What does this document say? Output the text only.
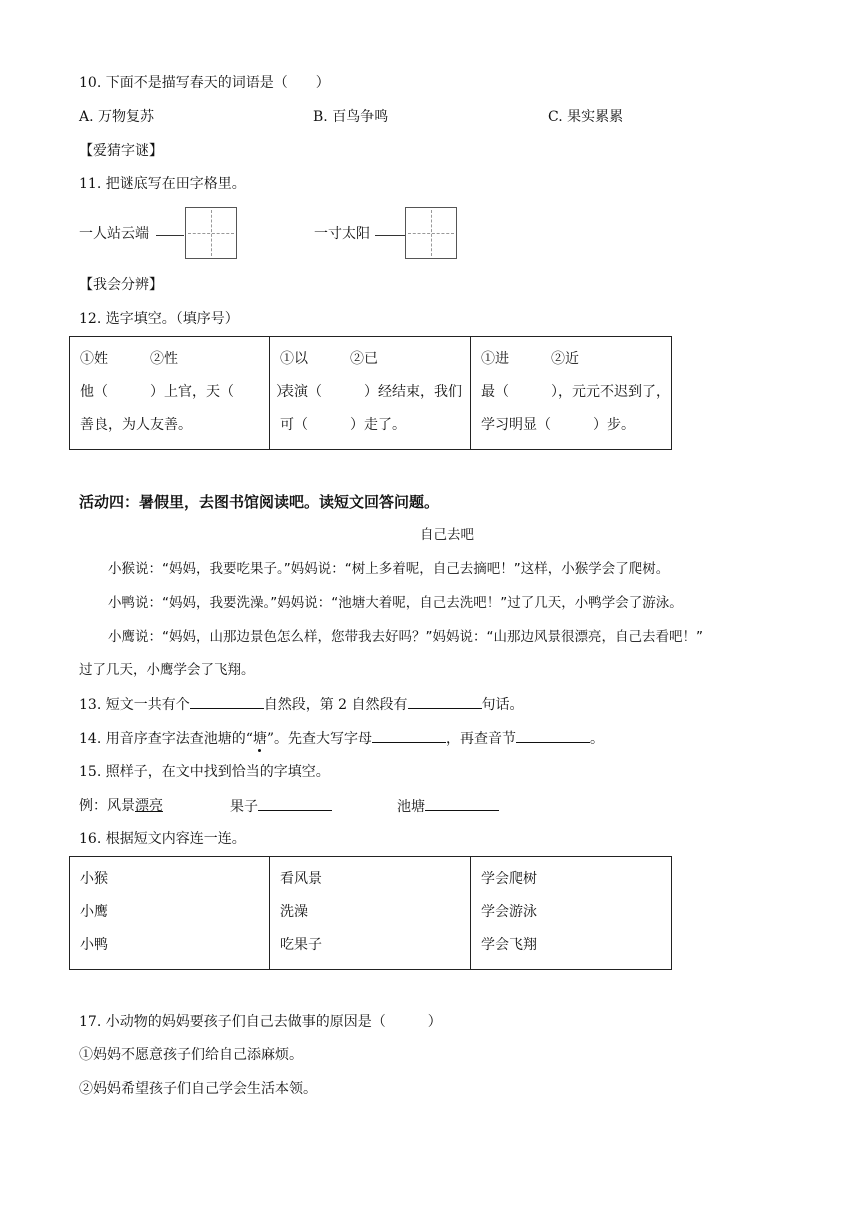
10. 下面不是描写春天的词语是（　　）
A. 万物复苏	B. 百鸟争鸣	C. 果实累累
【爱猜字谜】
11. 把谜底写在田字格里。
一人站云端	一寸太阳
【我会分辨】
12. 选字填空。（填序号）
①姓　　　②性
他（　　　）上官，天（　　　）
善良，为人友善。

①以　　　②已
表演（　　　）经结束，我们
可（　　　）走了。

①进　　　②近
最（　　　），元元不迟到了，
学习明显（　　　）步。
活动四：暑假里，去图书馆阅读吧。读短文回答问题。
自己去吧
小猴说：“妈妈，我要吃果子。”妈妈说：“树上多着呢，自己去摘吧！”这样，小猴学会了爬树。
小鸭说：“妈妈，我要洗澡。”妈妈说：“池塘大着呢，自己去洗吧！”过了几天，小鸭学会了游泳。
小鹰说：“妈妈，山那边景色怎么样，您带我去好吗？”妈妈说：“山那边风景很漂亮，自己去看吧！”
过了几天，小鹰学会了飞翔。
13. 短文一共有个	自然段，第 2 自然段有	句话。
14. 用音序查字法查池塘的“塘”。先查大写字母	，再查音节	。
15. 照样子，在文中找到恰当的字填空。
例：风景漂亮	果子	池塘
16. 根据短文内容连一连。
小猴
小鹰
小鸭

看风景
洗澡
吃果子

学会爬树
学会游泳
学会飞翔
17. 小动物的妈妈要孩子们自己去做事的原因是（　　　）
①妈妈不愿意孩子们给自己添麻烦。
②妈妈希望孩子们自己学会生活本领。
